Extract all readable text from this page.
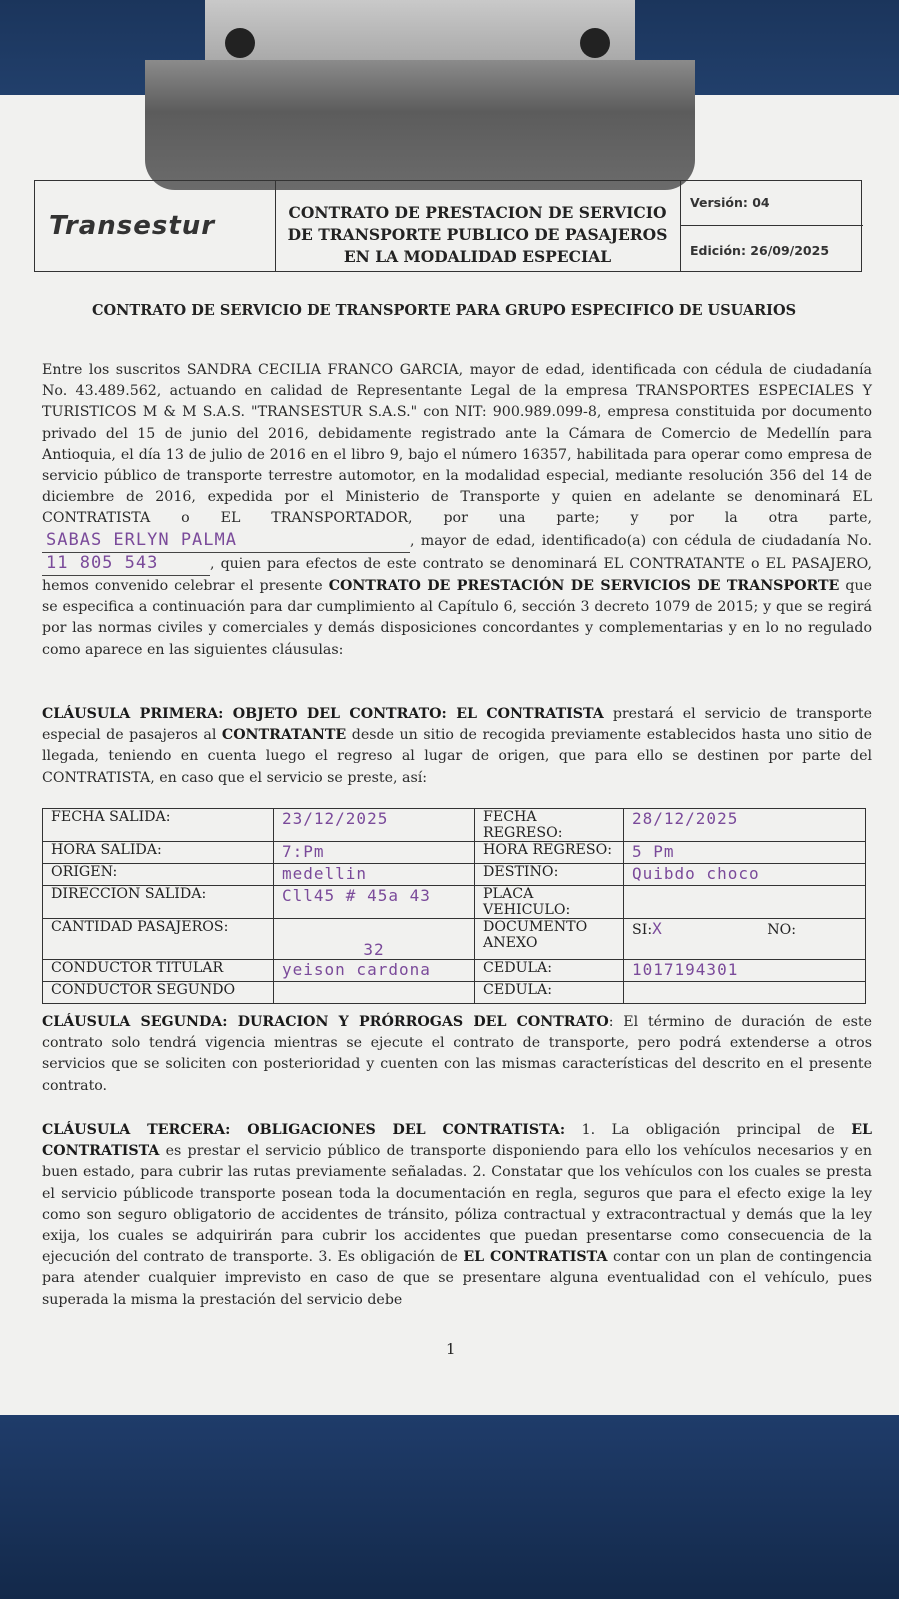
Transestur	CONTRATO DE PRESTACION DE SERVICIO
DE TRANSPORTE PUBLICO DE PASAJEROS
EN LA MODALIDAD ESPECIAL
Versión: 04
Edición: 26/09/2025
CONTRATO DE SERVICIO DE TRANSPORTE PARA GRUPO ESPECIFICO DE USUARIOS
Entre los suscritos SANDRA CECILIA FRANCO GARCIA, mayor de edad, identificada con cédula de ciudadanía No. 43.489.562, actuando en calidad de Representante Legal de la empresa TRANSPORTES ESPECIALES Y TURISTICOS M & M S.A.S. "TRANSESTUR S.A.S." con NIT: 900.989.099-8, empresa constituida por documento privado del 15 de junio del 2016, debidamente registrado ante la Cámara de Comercio de Medellín para Antioquia, el día 13 de julio de 2016 en el libro 9, bajo el número 16357, habilitada para operar como empresa de servicio público de transporte terrestre automotor, en la modalidad especial, mediante resolución 356 del 14 de diciembre de 2016, expedida por el Ministerio de Transporte y quien en adelante se denominará EL CONTRATISTA o EL TRANSPORTADOR, por una parte; y por la otra parte, SABAS ERLYN PALMA	, mayor de edad, identificado(a) con cédula de ciudadanía No. 11 805 543	, quien para efectos de este contrato se denominará EL CONTRATANTE o EL PASAJERO, hemos convenido celebrar el presente CONTRATO DE PRESTACIÓN DE SERVICIOS DE TRANSPORTE que se especifica a continuación para dar cumplimiento al Capítulo 6, sección 3 decreto 1079 de 2015; y que se regirá por las normas civiles y comerciales y demás disposiciones concordantes y complementarias y en lo no regulado como aparece en las siguientes cláusulas:
CLÁUSULA PRIMERA: OBJETO DEL CONTRATO: EL CONTRATISTA prestará el servicio de transporte especial de pasajeros al CONTRATANTE desde un sitio de recogida previamente establecidos hasta uno sitio de llegada, teniendo en cuenta luego el regreso al lugar de origen, que para ello se destinen por parte del CONTRATISTA, en caso que el servicio se preste, así:
FECHA SALIDA:	23/12/2025	FECHA REGRESO:	28/12/2025
HORA SALIDA:	7:Pm	HORA REGRESO:	5 Pm
ORIGEN:	medellin	DESTINO:	Quibdo choco
DIRECCION SALIDA:	Cll45 # 45a 43	PLACA VEHICULO:	
CANTIDAD PASAJEROS:	32	DOCUMENTO ANEXO	SI:X NO:
CONDUCTOR TITULAR	yeison cardona	CEDULA:	1017194301
CONDUCTOR SEGUNDO		CEDULA:	
CLÁUSULA SEGUNDA: DURACION Y PRÓRROGAS DEL CONTRATO: El término de duración de este contrato solo tendrá vigencia mientras se ejecute el contrato de transporte, pero podrá extenderse a otros servicios que se soliciten con posterioridad y cuenten con las mismas características del descrito en el presente contrato.
CLÁUSULA TERCERA: OBLIGACIONES DEL CONTRATISTA: 1. La obligación principal de EL CONTRATISTA es prestar el servicio público de transporte disponiendo para ello los vehículos necesarios y en buen estado, para cubrir las rutas previamente señaladas. 2. Constatar que los vehículos con los cuales se presta el servicio públicode transporte posean toda la documentación en regla, seguros que para el efecto exige la ley como son seguro obligatorio de accidentes de tránsito, póliza contractual y extracontractual y demás que la ley exija, los cuales se adquirirán para cubrir los accidentes que puedan presentarse como consecuencia de la ejecución del contrato de transporte. 3. Es obligación de EL CONTRATISTA contar con un plan de contingencia para atender cualquier imprevisto en caso de que se presentare alguna eventualidad con el vehículo, pues superada la misma la prestación del servicio debe
1
